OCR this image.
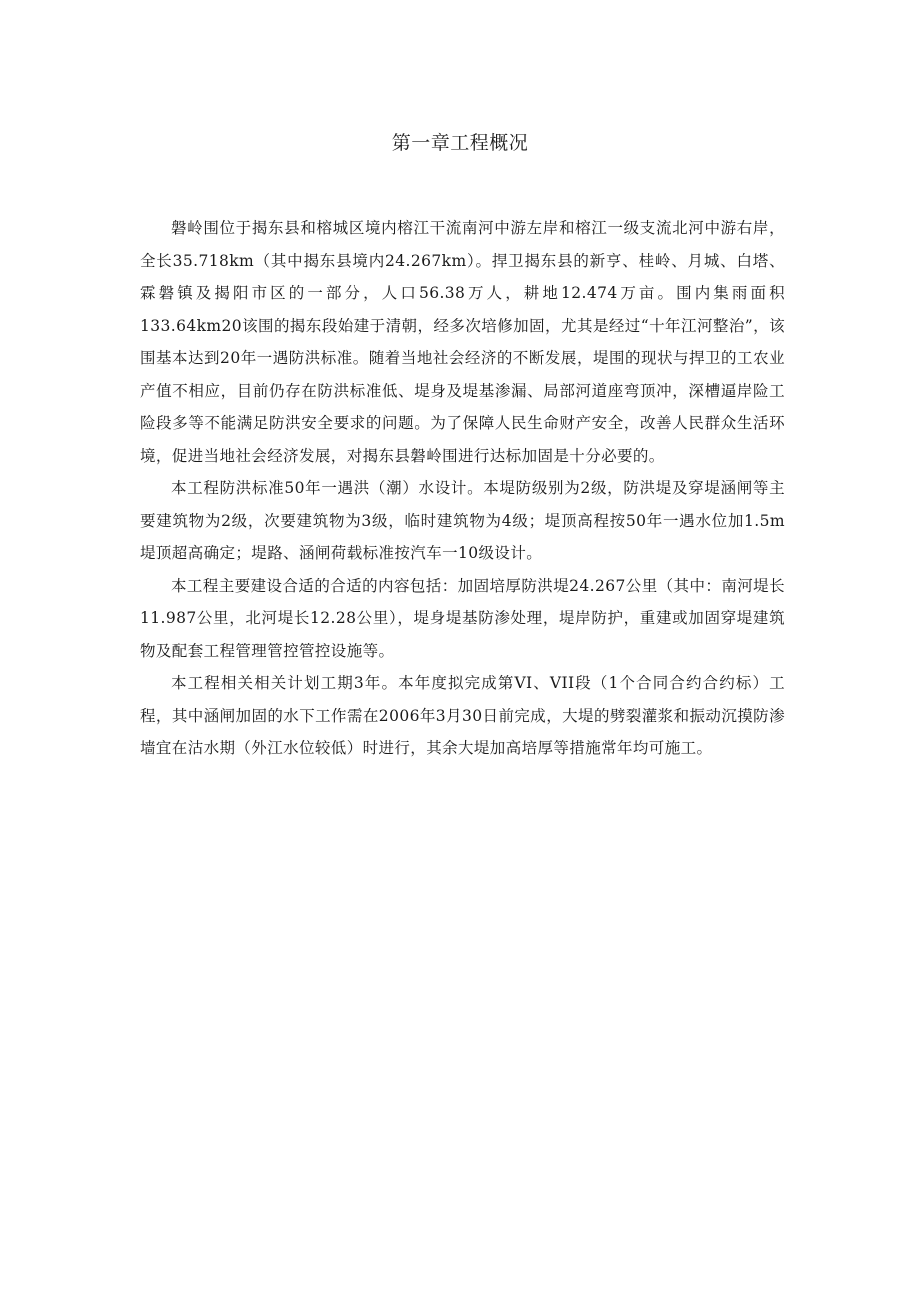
第一章工程概况

磐岭围位于揭东县和榕城区境内榕江干流南河中游左岸和榕江一级支流北河中游右岸，全长35.718km（其中揭东县境内24.267km）。捍卫揭东县的新亨、桂岭、月城、白塔、霖磐镇及揭阳市区的一部分，人口56.38万人，耕地12.474万亩。围内集雨面积133.64km20该围的揭东段始建于清朝，经多次培修加固，尤其是经过“十年江河整治”，该围基本达到20年一遇防洪标准。随着当地社会经济的不断发展，堤围的现状与捍卫的工农业产值不相应，目前仍存在防洪标准低、堤身及堤基渗漏、局部河道座弯顶冲，深槽逼岸险工险段多等不能满足防洪安全要求的问题。为了保障人民生命财产安全，改善人民群众生活环境，促进当地社会经济发展，对揭东县磐岭围进行达标加固是十分必要的。

本工程防洪标准50年一遇洪（潮）水设计。本堤防级别为2级，防洪堤及穿堤涵闸等主要建筑物为2级，次要建筑物为3级，临时建筑物为4级；堤顶高程按50年一遇水位加1.5m堤顶超高确定；堤路、涵闸荷载标准按汽车一10级设计。

本工程主要建设合适的合适的内容包括：加固培厚防洪堤24.267公里（其中：南河堤长11.987公里，北河堤长12.28公里），堤身堤基防渗处理，堤岸防护，重建或加固穿堤建筑物及配套工程管理管控管控设施等。

本工程相关相关计划工期3年。本年度拟完成第VI、VII段（1个合同合约合约标）工程，其中涵闸加固的水下工作需在2006年3月30日前完成，大堤的劈裂灌浆和振动沉摸防渗墙宜在沽水期（外江水位较低）时进行，其余大堤加高培厚等措施常年均可施工。
